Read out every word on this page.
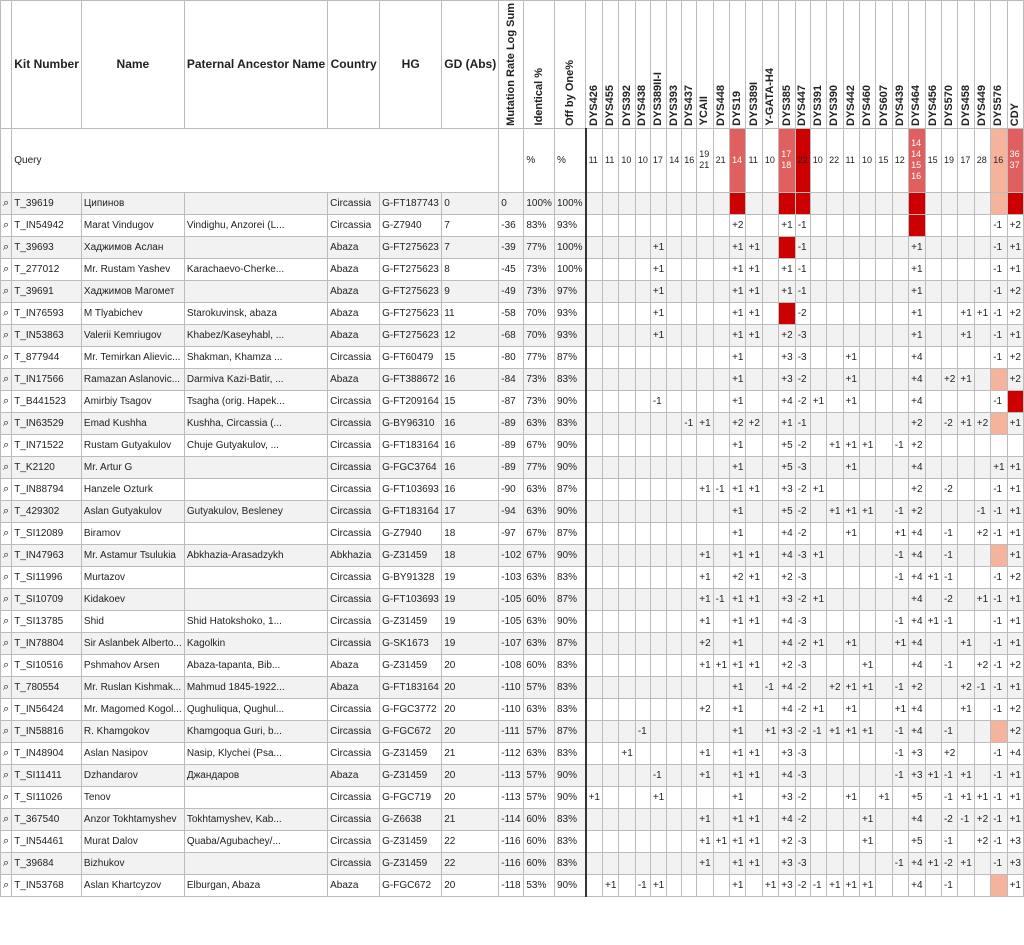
	Kit Number	Name	Paternal Ancestor Name	Country	HG	GD (Abs)	Mutation Rate Log Sum	Identical %	Off by One%	DYS426	DYS455	DYS392	DYS438	DYS389II-I	DYS393	DYS437	YCAII	DYS448	DYS19	DYS389I	Y-GATA-H4	DYS385	DYS447	DYS391	DYS390	DYS442	DYS460	DYS607	DYS439	DYS464	DYS456	DYS570	DYS458	DYS449	DYS576	CDY

	Query							%	%	11	11	10	10	17	14	16	19 21	21	14	11	10	17 18	22	10	22	11	10	15	12	14 14 15 16	15	19	17	28	16	36 37
⌕	T_39619	Ципинов		Circassia	G-FT187743	0	0	100%	100%																											
⌕	T_IN54942	Marat Vindugov	Vindighu, Anzorei (L...	Circassia	G-Z7940	7	-36	83%	93%										+2			+1	-1												-1	+2
⌕	T_39693	Хаджимов Аслан		Abaza	G-FT275623	7	-39	77%	100%					+1					+1	+1			-1							+1					-1	+1
⌕	T_277012	Mr. Rustam Yashev	Karachaevo-Cherke...	Abaza	G-FT275623	8	-45	73%	100%					+1					+1	+1		+1	-1							+1					-1	+1
⌕	T_39691	Хаджимов Магомет		Abaza	G-FT275623	9	-49	73%	97%					+1					+1	+1		+1	-1							+1					-1	+2
⌕	T_IN76593	M Tlyabichev	Starokuvinsk, abaza	Abaza	G-FT275623	11	-58	70%	93%					+1					+1	+1			-2							+1			+1	+1	-1	+2
⌕	T_IN53863	Valerii Kemriugov	Khabez/Kaseyhabl, ...	Abaza	G-FT275623	12	-68	70%	93%					+1					+1	+1		+2	-3							+1			+1		-1	+1
⌕	T_877944	Mr. Temirkan Alievic...	Shakman, Khamza ...	Circassia	G-FT60479	15	-80	77%	87%										+1			+3	-3			+1				+4					-1	+2
⌕	T_IN17566	Ramazan Aslanovic...	Darmiva Kazi-Batir, ...	Abaza	G-FT388672	16	-84	73%	83%										+1			+3	-2			+1				+4		+2	+1			+2
⌕	T_B441523	Amirbiy Tsagov	Tsagha (orig. Hapek...	Circassia	G-FT209164	15	-87	73%	90%					-1					+1			+4	-2	+1		+1				+4					-1	
⌕	T_IN63529	Emad Kushha	Kushha, Circassia (...	Circassia	G-BY96310	16	-89	63%	83%							-1	+1		+2	+2		+1	-1							+2		-2	+1	+2		+1
⌕	T_IN71522	Rustam Gutyakulov	Chuje Gutyakulov, ...	Circassia	G-FT183164	16	-89	67%	90%										+1			+5	-2		+1	+1	+1		-1	+2						
⌕	T_K2120	Mr. Artur G		Circassia	G-FGC3764	16	-89	77%	90%										+1			+5	-3			+1				+4					+1	+1
⌕	T_IN88794	Hanzele Ozturk		Circassia	G-FT103693	16	-90	63%	87%								+1	-1	+1	+1		+3	-2	+1						+2		-2			-1	+1
⌕	T_429302	Aslan Gutyakulov	Gutyakulov, Besleney	Circassia	G-FT183164	17	-94	63%	90%										+1			+5	-2		+1	+1	+1		-1	+2				-1	-1	+1
⌕	T_SI12089	Biramov		Circassia	G-Z7940	18	-97	67%	87%										+1			+4	-2			+1			+1	+4		-1		+2	-1	+1
⌕	T_IN47963	Mr. Astamur Tsulukia	Abkhazia-Arasadzykh	Abkhazia	G-Z31459	18	-102	67%	90%								+1		+1	+1		+4	-3	+1					-1	+4		-1				+1
⌕	T_SI11996	Murtazov		Circassia	G-BY91328	19	-103	63%	83%								+1		+2	+1		+2	-3						-1	+4	+1	-1			-1	+2
⌕	T_SI10709	Kidakoev		Circassia	G-FT103693	19	-105	60%	87%								+1	-1	+1	+1		+3	-2	+1						+4		-2		+1	-1	+1
⌕	T_SI13785	Shid	Shid Hatokshoko, 1...	Circassia	G-Z31459	19	-105	63%	90%								+1		+1	+1		+4	-3						-1	+4	+1	-1			-1	+1
⌕	T_IN78804	Sir Aslanbek Alberto...	Kagolkin	Circassia	G-SK1673	19	-107	63%	87%								+2		+1			+4	-2	+1		+1			+1	+4			+1		-1	+1
⌕	T_SI10516	Pshmahov Arsen	Abaza-tapanta, Bib...	Abaza	G-Z31459	20	-108	60%	83%								+1	+1	+1	+1		+2	-3				+1			+4		-1		+2	-1	+2
⌕	T_780554	Mr. Ruslan Kishmak...	Mahmud 1845-1922...	Abaza	G-FT183164	20	-110	57%	83%										+1		-1	+4	-2		+2	+1	+1		-1	+2			+2	-1	-1	+1
⌕	T_IN56424	Mr. Magomed Kogol...	Qughuliqua, Qughul...	Circassia	G-FGC3772	20	-110	63%	83%								+2		+1			+4	-2	+1		+1			+1	+4			+1		-1	+2
⌕	T_IN58816	R. Khamgokov	Khamgoqua Guri, b...	Circassia	G-FGC672	20	-111	57%	87%				-1						+1		+1	+3	-2	-1	+1	+1	+1		-1	+4		-1				+2
⌕	T_IN48904	Aslan Nasipov	Nasip, Klychei (Psa...	Circassia	G-Z31459	21	-112	63%	83%			+1					+1		+1	+1		+3	-3						-1	+3		+2			-1	+4
⌕	T_SI11411	Dzhandarov	Джандаров	Abaza	G-Z31459	20	-113	57%	90%					-1			+1		+1	+1		+4	-3						-1	+3	+1	-1	+1		-1	+1
⌕	T_SI11026	Tenov		Circassia	G-FGC719	20	-113	57%	90%	+1				+1					+1			+3	-2			+1		+1		+5		-1	+1	+1	-1	+1
⌕	T_367540	Anzor Tokhtamyshev	Tokhtamyshev, Kab...	Circassia	G-Z6638	21	-114	60%	83%								+1		+1	+1		+4	-2				+1			+4		-2	-1	+2	-1	+1
⌕	T_IN54461	Murat Dalov	Quaba/Agubachey/...	Circassia	G-Z31459	22	-116	60%	83%								+1	+1	+1	+1		+2	-3				+1			+5		-1		+2	-1	+3
⌕	T_39684	Bizhukov		Circassia	G-Z31459	22	-116	60%	83%								+1		+1	+1		+3	-3						-1	+4	+1	-2	+1		-1	+3
⌕	T_IN53768	Aslan Khartcyzov	Elburgan, Abaza	Abaza	G-FGC672	20	-118	53%	90%		+1		-1	+1					+1		+1	+3	-2	-1	+1	+1	+1			+4		-1				+1
